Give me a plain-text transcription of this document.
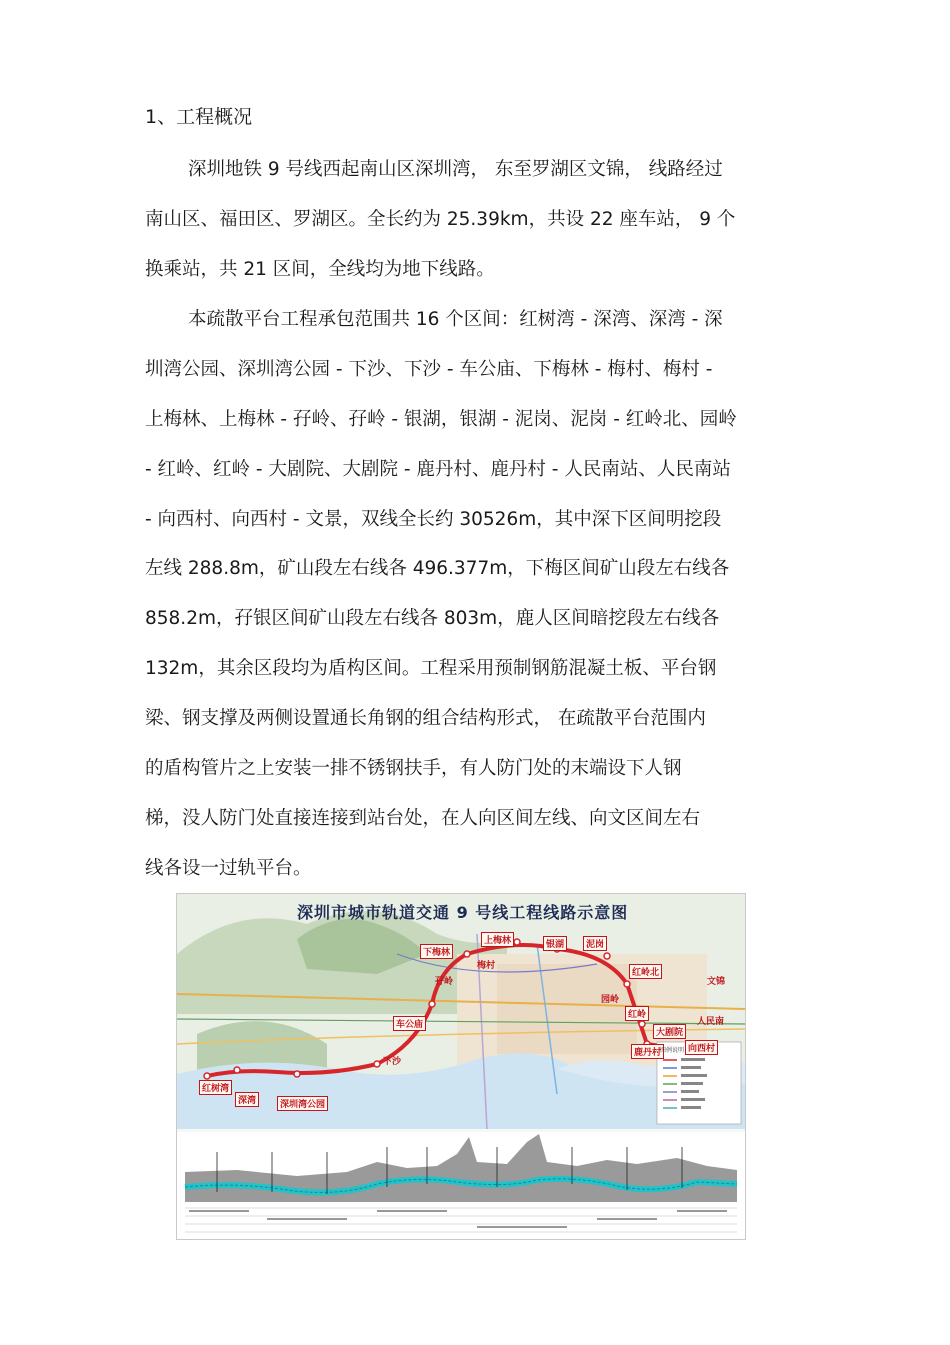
1、工程概况
深圳地铁 9 号线西起南山区深圳湾， 东至罗湖区文锦， 线路经过
南山区、福田区、罗湖区。全长约为 25.39km，共设 22 座车站， 9 个
换乘站，共 21 区间，全线均为地下线路。
本疏散平台工程承包范围共 16 个区间：红树湾 - 深湾、深湾 - 深
圳湾公园、深圳湾公园 - 下沙、下沙 - 车公庙、下梅林 - 梅村、梅村 -
上梅林、上梅林 - 孖岭、孖岭 - 银湖，银湖 - 泥岗、泥岗 - 红岭北、园岭
- 红岭、红岭 - 大剧院、大剧院 - 鹿丹村、鹿丹村 - 人民南站、人民南站
- 向西村、向西村 - 文景，双线全长约 30526m，其中深下区间明挖段
左线 288.8m，矿山段左右线各 496.377m，下梅区间矿山段左右线各
858.2m，孖银区间矿山段左右线各 803m，鹿人区间暗挖段左右线各
132m，其余区段均为盾构区间。工程采用预制钢筋混凝土板、平台钢
梁、钢支撑及两侧设置通长角钢的组合结构形式， 在疏散平台范围内
的盾构管片之上安装一排不锈钢扶手，有人防门处的末端设下人钢
梯，没人防门处直接连接到站台处，在人向区间左线、向文区间左右
线各设一过轨平台。
深圳市城市轨道交通 9 号线工程线路示意图
上梅林
下梅林
梅村
银湖	泥岗
红岭北
园岭
红岭
大剧院
鹿丹村
人民南
向西村
车公庙
下沙
红树湾
深湾	深圳湾公园
孖岭	文锦
图例说明
